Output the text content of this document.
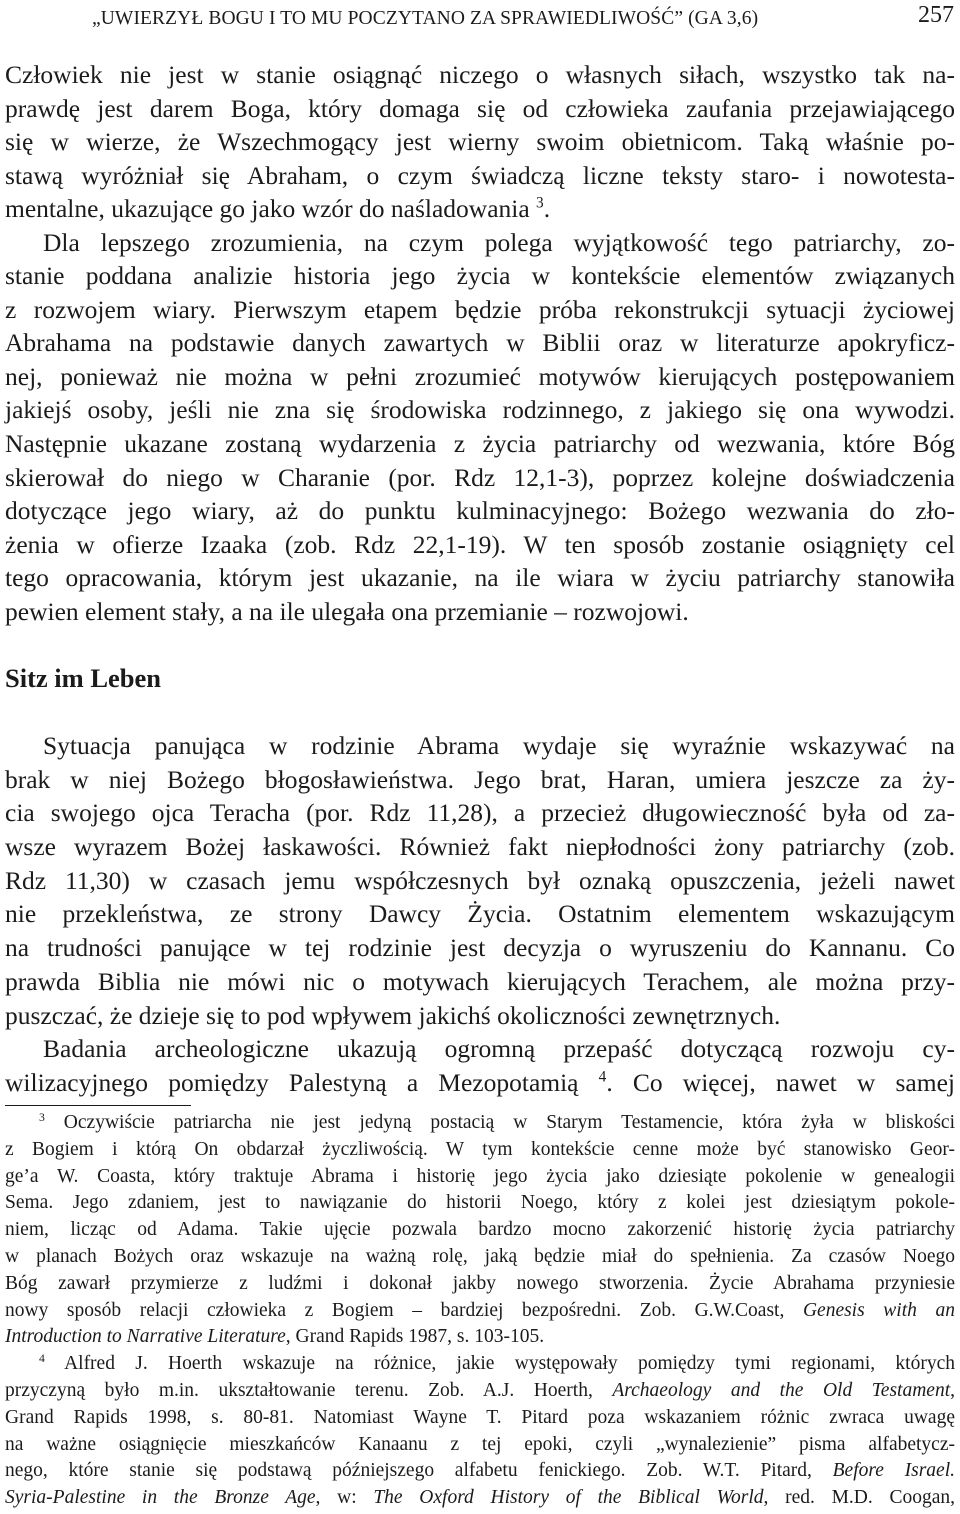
„UWIERZYŁ BOGU I TO MU POCZYTANO ZA SPRAWIEDLIWOŚĆ” (GA 3,6)	257
Człowiek nie jest w stanie osiągnąć niczego o własnych siłach, wszystko tak na-
prawdę jest darem Boga, który domaga się od człowieka zaufania przejawiającego
się w wierze, że Wszechmogący jest wierny swoim obietnicom. Taką właśnie po-
stawą wyróżniał się Abraham, o czym świadczą liczne teksty staro- i nowotesta-
mentalne, ukazujące go jako wzór do naśladowania $^3$.
Dla lepszego zrozumienia, na czym polega wyjątkowość tego patriarchy, zo-
stanie poddana analizie historia jego życia w kontekście elementów związanych
z rozwojem wiary. Pierwszym etapem będzie próba rekonstrukcji sytuacji życiowej
Abrahama na podstawie danych zawartych w Biblii oraz w literaturze apokryficz-
nej, ponieważ nie można w pełni zrozumieć motywów kierujących postępowaniem
jakiejś osoby, jeśli nie zna się środowiska rodzinnego, z jakiego się ona wywodzi.
Następnie ukazane zostaną wydarzenia z życia patriarchy od wezwania, które Bóg
skierował do niego w Charanie (por. Rdz 12,1-3), poprzez kolejne doświadczenia
dotyczące jego wiary, aż do punktu kulminacyjnego: Bożego wezwania do zło-
żenia w ofierze Izaaka (zob. Rdz 22,1-19). W ten sposób zostanie osiągnięty cel
tego opracowania, którym jest ukazanie, na ile wiara w życiu patriarchy stanowiła
pewien element stały, a na ile ulegała ona przemianie – rozwojowi.
Sitz im Leben
Sytuacja panująca w rodzinie Abrama wydaje się wyraźnie wskazywać na
brak w niej Bożego błogosławieństwa. Jego brat, Haran, umiera jeszcze za ży-
cia swojego ojca Teracha (por. Rdz 11,28), a przecież długowieczność była od za-
wsze wyrazem Bożej łaskawości. Również fakt niepłodności żony patriarchy (zob.
Rdz 11,30) w czasach jemu współczesnych był oznaką opuszczenia, jeżeli nawet
nie przekleństwa, ze strony Dawcy Życia. Ostatnim elementem wskazującym
na trudności panujące w tej rodzinie jest decyzja o wyruszeniu do Kannanu. Co
prawda Biblia nie mówi nic o motywach kierujących Terachem, ale można przy-
puszczać, że dzieje się to pod wpływem jakichś okoliczności zewnętrznych.
Badania archeologiczne ukazują ogromną przepaść dotyczącą rozwoju cy-
wilizacyjnego pomiędzy Palestyną a Mezopotamią $^4$. Co więcej, nawet w samej
$^3$ Oczywiście patriarcha nie jest jedyną postacią w Starym Testamencie, która żyła w bliskości
z Bogiem i którą On obdarzał życzliwością. W tym kontekście cenne może być stanowisko Geor-
ge’a W. Coasta, który traktuje Abrama i historię jego życia jako dziesiąte pokolenie w genealogii
Sema. Jego zdaniem, jest to nawiązanie do historii Noego, który z kolei jest dziesiątym pokole-
niem, licząc od Adama. Takie ujęcie pozwala bardzo mocno zakorzenić historię życia patriarchy
w planach Bożych oraz wskazuje na ważną rolę, jaką będzie miał do spełnienia. Za czasów Noego
Bóg zawarł przymierze z ludźmi i dokonał jakby nowego stworzenia. Życie Abrahama przyniesie
nowy sposób relacji człowieka z Bogiem – bardziej bezpośredni. Zob. G.W.Coast, Genesis with an
Introduction to Narrative Literature, Grand Rapids 1987, s. 103-105.
$^4$ Alfred J. Hoerth wskazuje na różnice, jakie występowały pomiędzy tymi regionami, których
przyczyną było m.in. ukształtowanie terenu. Zob. A.J. Hoerth, Archaeology and the Old Testament,
Grand Rapids 1998, s. 80-81. Natomiast Wayne T. Pitard poza wskazaniem różnic zwraca uwagę
na ważne osiągnięcie mieszkańców Kanaanu z tej epoki, czyli „wynalezienie” pisma alfabetycz-
nego, które stanie się podstawą późniejszego alfabetu fenickiego. Zob. W.T. Pitard, Before Israel.
Syria-Palestine in the Bronze Age, w: The Oxford History of the Biblical World, red. M.D. Coogan,
